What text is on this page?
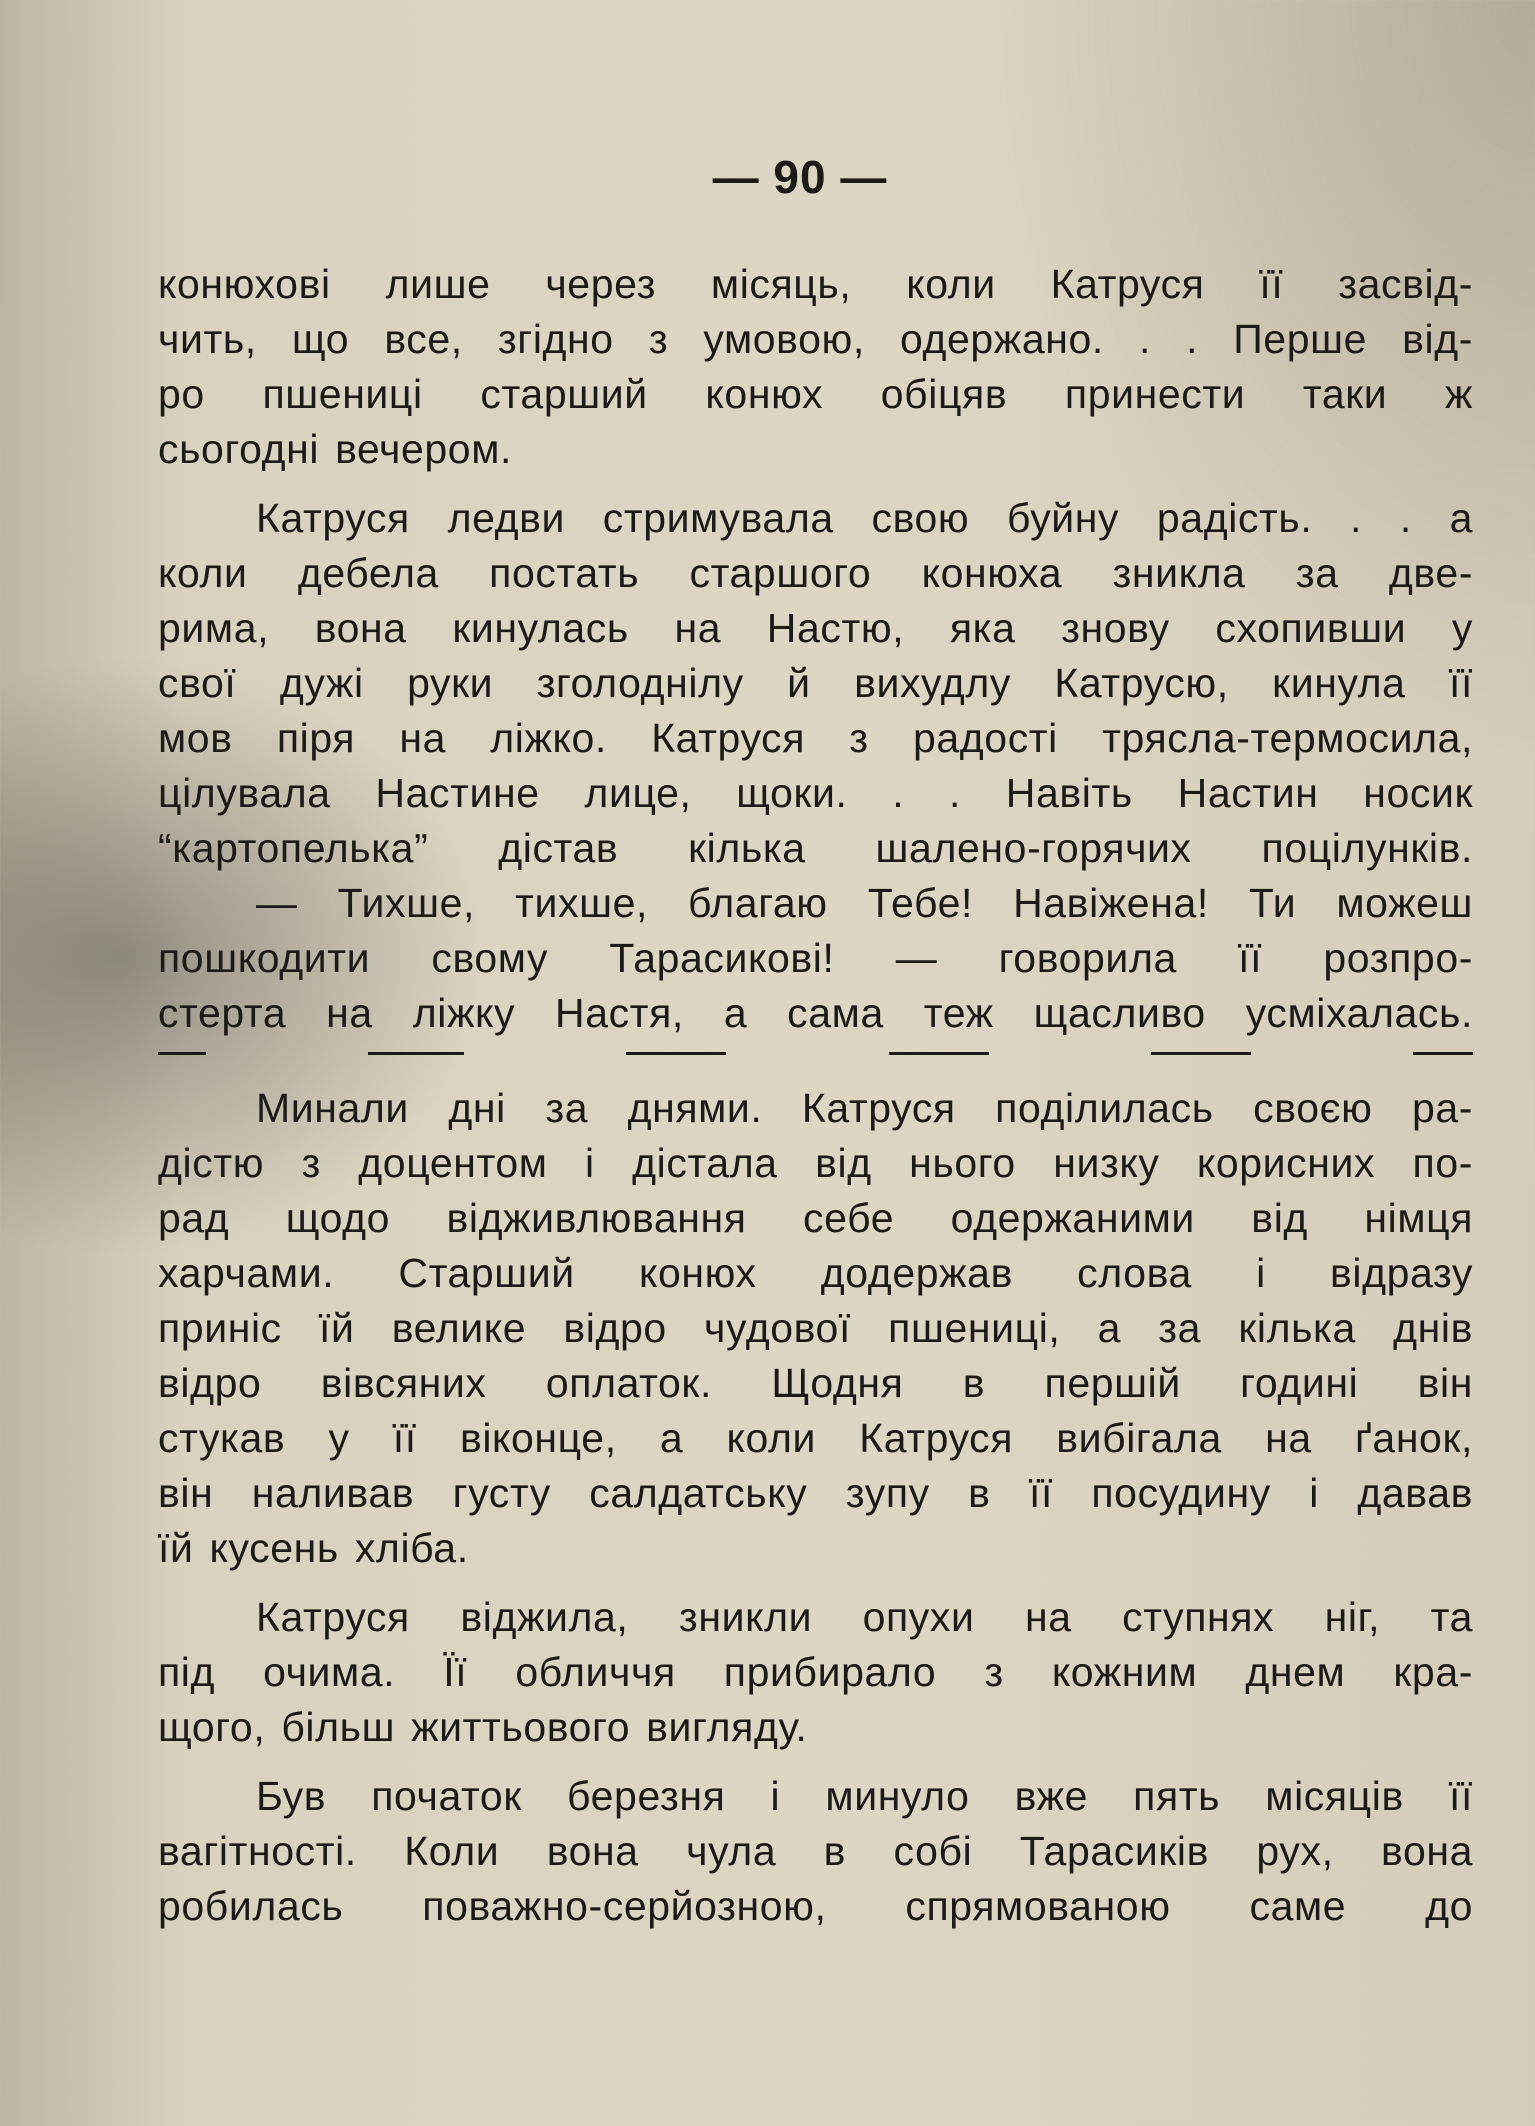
— 90 —
конюхові лише через місяць, коли Катруся її засвід-
чить, що все, згідно з умовою, одержано. . . Перше від-
ро пшениці старший конюх обіцяв принести таки ж
сьогодні вечером.
Катруся ледви стримувала свою буйну радість. . . а
коли дебела постать старшого конюха зникла за две-
рима, вона кинулась на Настю, яка знову схопивши у
свої дужі руки зголоднілу й вихудлу Катрусю, кинула її
мов піря на ліжко. Катруся з радості трясла-термосила,
цілувала Настине лице, щоки. . . Навіть Настин носик
“картопелька” дістав кілька шалено-горячих поцілунків.
— Тихше, тихше, благаю Тебе! Навіжена! Ти можеш
пошкодити свому Тарасикові! — говорила її розпро-
стерта на ліжку Настя, а сама теж щасливо усміхалась.
Минали дні за днями. Катруся поділилась своєю ра-
дістю з доцентом і дістала від нього низку корисних по-
рад щодо відживлювання себе одержаними від німця
харчами. Старший конюх додержав слова і відразу
приніс їй велике відро чудової пшениці, а за кілька днів
відро вівсяних оплаток. Щодня в першій годині він
стукав у її віконце, а коли Катруся вибігала на ґанок,
він наливав густу салдатську зупу в її посудину і давав
їй кусень хліба.
Катруся віджила, зникли опухи на ступнях ніг, та
під очима. Її обличчя прибирало з кожним днем кра-
щого, більш життьового вигляду.
Був початок березня і минуло вже пять місяців її
вагітності. Коли вона чула в собі Тарасиків рух, вона
робилась поважно-серйозною, спрямованою саме до
